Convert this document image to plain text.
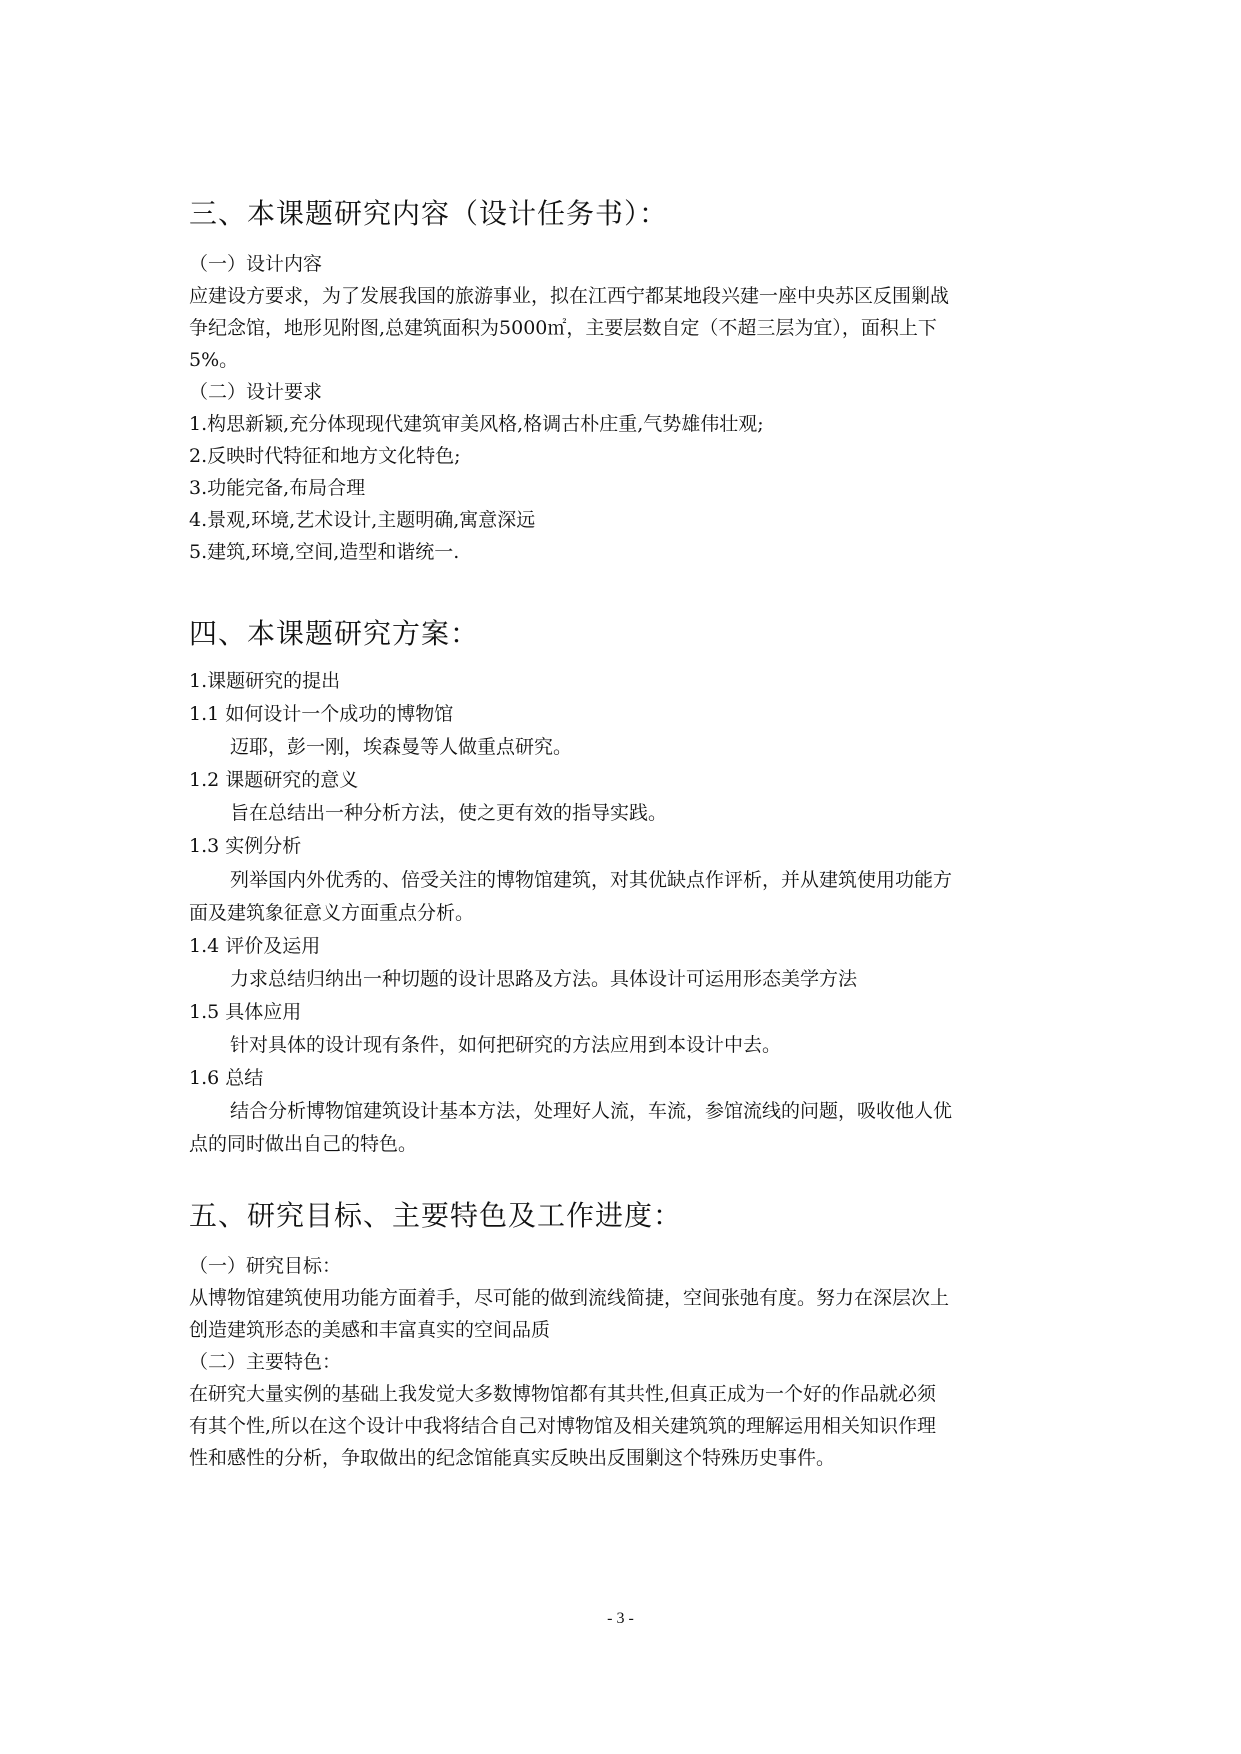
三、本课题研究内容（设计任务书）：
（一）设计内容
应建设方要求，为了发展我国的旅游事业，拟在江西宁都某地段兴建一座中央苏区反围剿战
争纪念馆，地形见附图,总建筑面积为5000㎡，主要层数自定（不超三层为宜），面积上下
5%。
（二）设计要求
1.构思新颖,充分体现现代建筑审美风格,格调古朴庄重,气势雄伟壮观;
2.反映时代特征和地方文化特色;
3.功能完备,布局合理
4.景观,环境,艺术设计,主题明确,寓意深远
5.建筑,环境,空间,造型和谐统一.
四、本课题研究方案：
1.课题研究的提出
1.1 如何设计一个成功的博物馆
迈耶，彭一刚，埃森曼等人做重点研究。
1.2 课题研究的意义
旨在总结出一种分析方法，使之更有效的指导实践。
1.3 实例分析
列举国内外优秀的、倍受关注的博物馆建筑，对其优缺点作评析，并从建筑使用功能方
面及建筑象征意义方面重点分析。
1.4 评价及运用
力求总结归纳出一种切题的设计思路及方法。具体设计可运用形态美学方法
1.5 具体应用
针对具体的设计现有条件，如何把研究的方法应用到本设计中去。
1.6 总结
结合分析博物馆建筑设计基本方法，处理好人流，车流，参馆流线的问题，吸收他人优
点的同时做出自己的特色。
五、研究目标、主要特色及工作进度：
（一）研究目标：
从博物馆建筑使用功能方面着手，尽可能的做到流线简捷，空间张弛有度。努力在深层次上
创造建筑形态的美感和丰富真实的空间品质
（二）主要特色：
在研究大量实例的基础上我发觉大多数博物馆都有其共性,但真正成为一个好的作品就必须
有其个性,所以在这个设计中我将结合自己对博物馆及相关建筑筑的理解运用相关知识作理
性和感性的分析，争取做出的纪念馆能真实反映出反围剿这个特殊历史事件。
- 3 -
